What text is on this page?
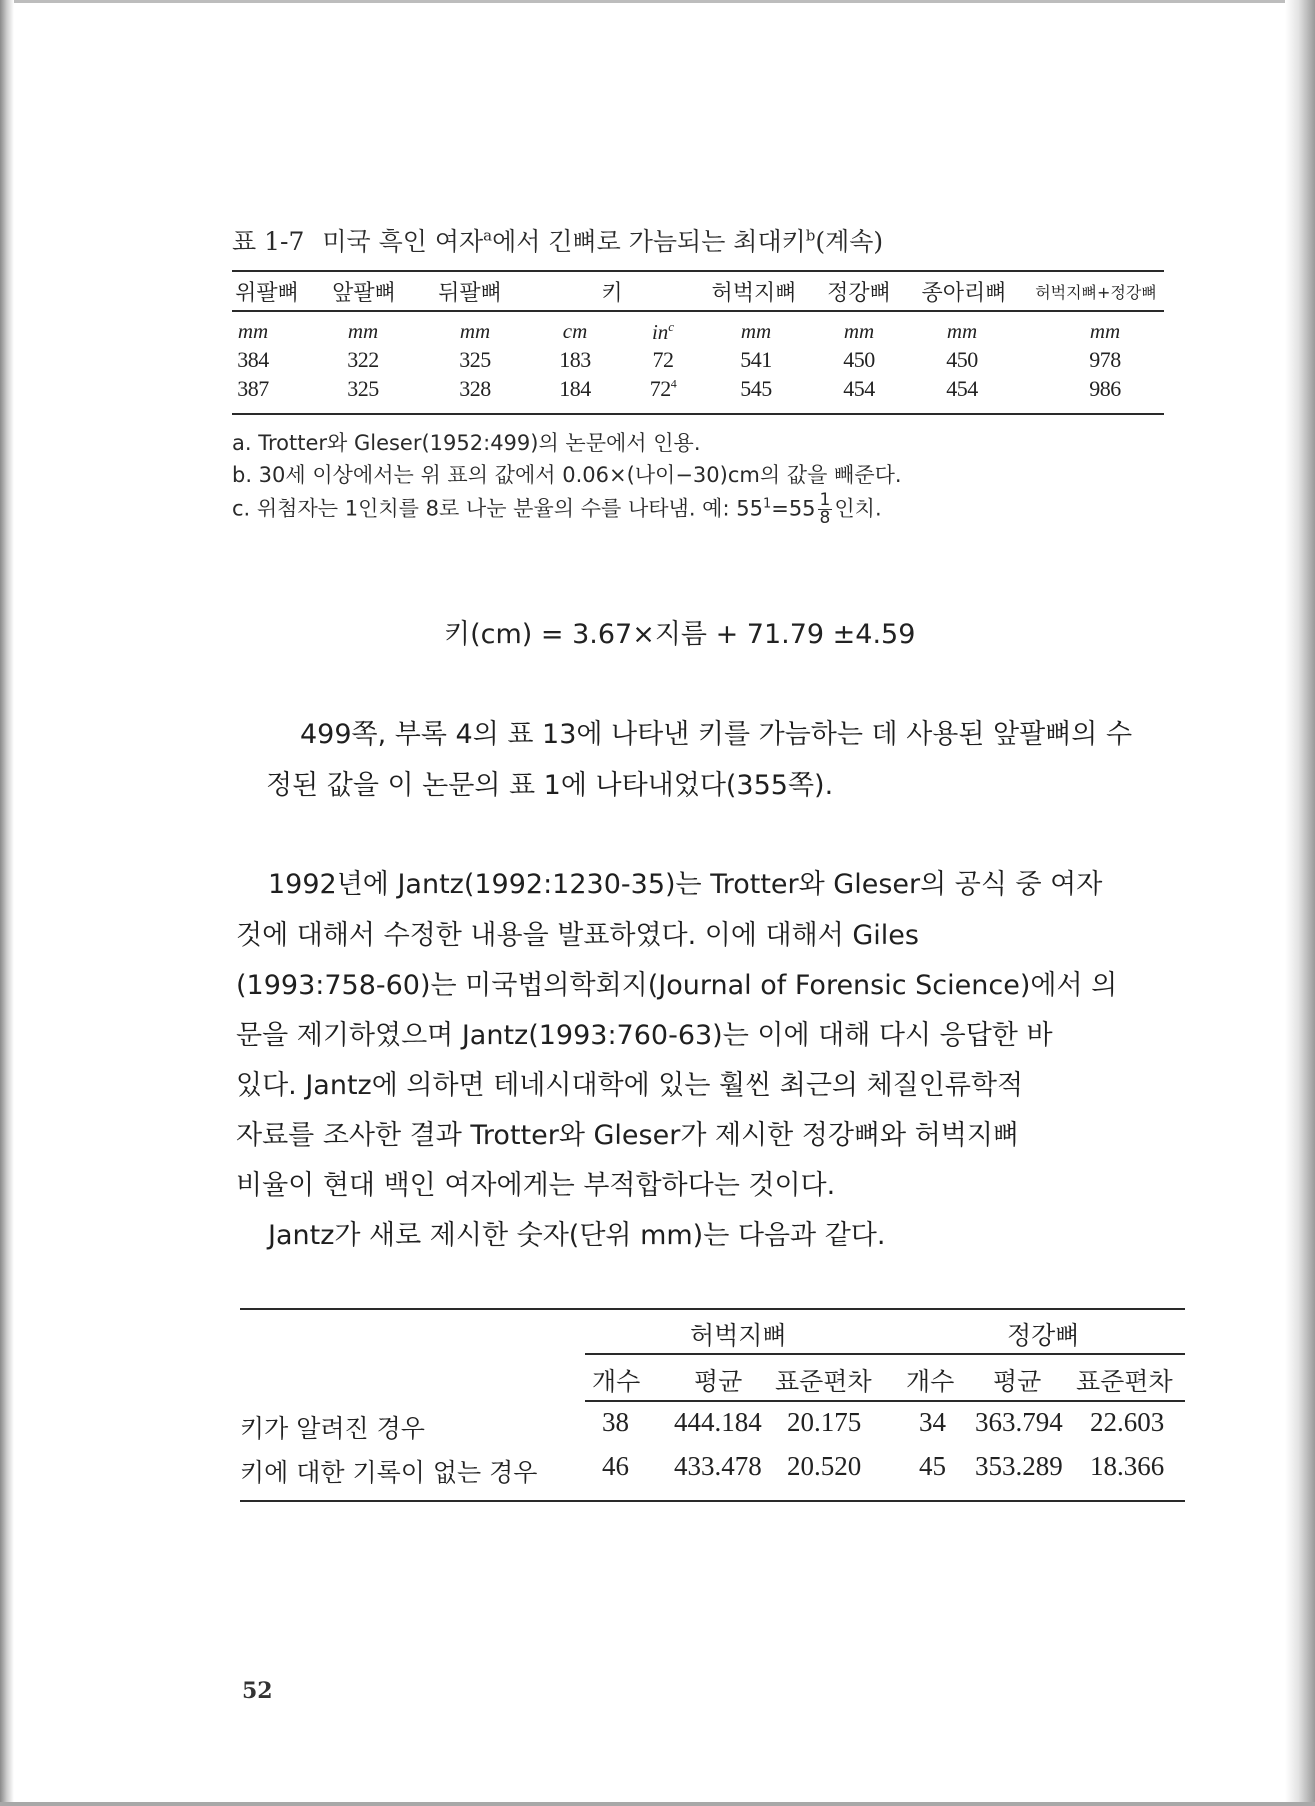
표 1-7 미국 흑인 여자$^a$에서 긴뼈로 가늠되는 최대키$^b$(계속)
위팔뼈	앞팔뼈	뒤팔뼈	키	허벅지뼈	정강뼈	종아리뼈	허벅지뼈+정강뼈
mm	mm	mm	cm	$in^c$	mm	mm	mm	mm
384	322	325	183	72	541	450	450	978
387	325	328	184	$72^4$	545	454	454	986
a. Trotter와 Gleser(1952:499)의 논문에서 인용.
b. 30세 이상에서는 위 표의 값에서 0.06×(나이−30)cm의 값을 빼준다.
c. 위첨자는 1인치를 8로 나눈 분율의 수를 나타냄. 예: $55^1=55 \frac{1}{8}$ 인치.
키(cm) = 3.67×지름 + 71.79 ±4.59
499쪽, 부록 4의 표 13에 나타낸 키를 가늠하는 데 사용된 앞팔뼈의 수
정된 값을 이 논문의 표 1에 나타내었다(355쪽).
1992년에 Jantz(1992:1230-35)는 Trotter와 Gleser의 공식 중 여자
것에 대해서 수정한 내용을 발표하였다. 이에 대해서 Giles
(1993:758-60)는 미국법의학회지(Journal of Forensic Science)에서 의
문을 제기하였으며 Jantz(1993:760-63)는 이에 대해 다시 응답한 바
있다. Jantz에 의하면 테네시대학에 있는 훨씬 최근의 체질인류학적
자료를 조사한 결과 Trotter와 Gleser가 제시한 정강뼈와 허벅지뼈
비율이 현대 백인 여자에게는 부적합하다는 것이다.
Jantz가 새로 제시한 숫자(단위 mm)는 다음과 같다.
허벅지뼈	정강뼈
개수 평균 표준편차 개수 평균 표준편차
키가 알려진 경우	38 444.184 20.175 34 363.794 22.603
키에 대한 기록이 없는 경우 46 433.478 20.520 45 353.289 18.366
52
